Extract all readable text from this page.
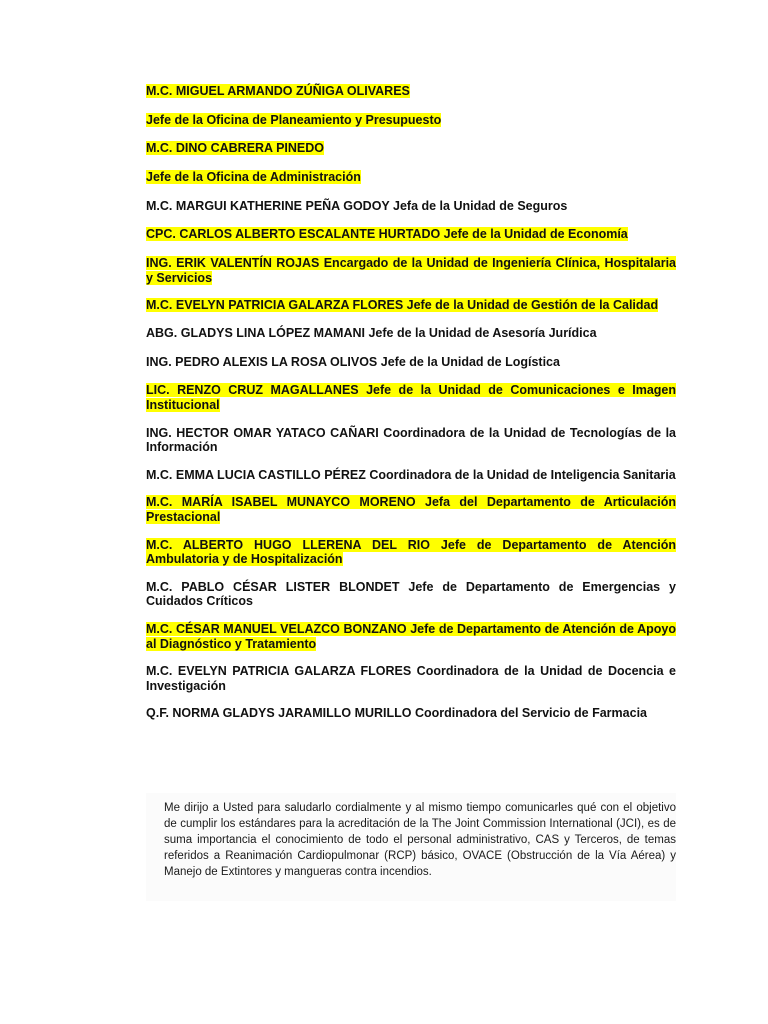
M.C. MIGUEL ARMANDO ZÚÑIGA OLIVARES

Jefe de la Oficina de Planeamiento y Presupuesto

M.C. DINO CABRERA PINEDO

Jefe de la Oficina de Administración

M.C. MARGUI KATHERINE PEÑA GODOY Jefa de la Unidad de Seguros

CPC. CARLOS ALBERTO ESCALANTE HURTADO Jefe de la Unidad de Economía

ING. ERIK VALENTÍN ROJAS Encargado de la Unidad de Ingeniería Clínica, Hospitalaria y Servicios

M.C. EVELYN PATRICIA GALARZA FLORES Jefe de la Unidad de Gestión de la Calidad

ABG. GLADYS LINA LÓPEZ MAMANI Jefe de la Unidad de Asesoría Jurídica

ING. PEDRO ALEXIS LA ROSA OLIVOS Jefe de la Unidad de Logística

LIC. RENZO CRUZ MAGALLANES Jefe de la Unidad de Comunicaciones e Imagen Institucional

ING. HECTOR OMAR YATACO CAÑARI Coordinadora de la Unidad de Tecnologías de la Información

M.C. EMMA LUCIA CASTILLO PÉREZ Coordinadora de la Unidad de Inteligencia Sanitaria

M.C. MARÍA ISABEL MUNAYCO MORENO Jefa del Departamento de Articulación Prestacional

M.C. ALBERTO HUGO LLERENA DEL RIO Jefe de Departamento de Atención Ambulatoria y de Hospitalización

M.C. PABLO CÉSAR LISTER BLONDET Jefe de Departamento de Emergencias y Cuidados Críticos

M.C. CÉSAR MANUEL VELAZCO BONZANO Jefe de Departamento de Atención de Apoyo al Diagnóstico y Tratamiento

M.C. EVELYN PATRICIA GALARZA FLORES Coordinadora de la Unidad de Docencia e Investigación

Q.F. NORMA GLADYS JARAMILLO MURILLO Coordinadora del Servicio de Farmacia

Me dirijo a Usted para saludarlo cordialmente y al mismo tiempo comunicarles qué con el objetivo de cumplir los estándares para la acreditación de la The Joint Commission International (JCI), es de suma importancia el conocimiento de todo el personal administrativo, CAS y Terceros, de temas referidos a Reanimación Cardiopulmonar (RCP) básico, OVACE (Obstrucción de la Vía Aérea) y Manejo de Extintores y mangueras contra incendios.
